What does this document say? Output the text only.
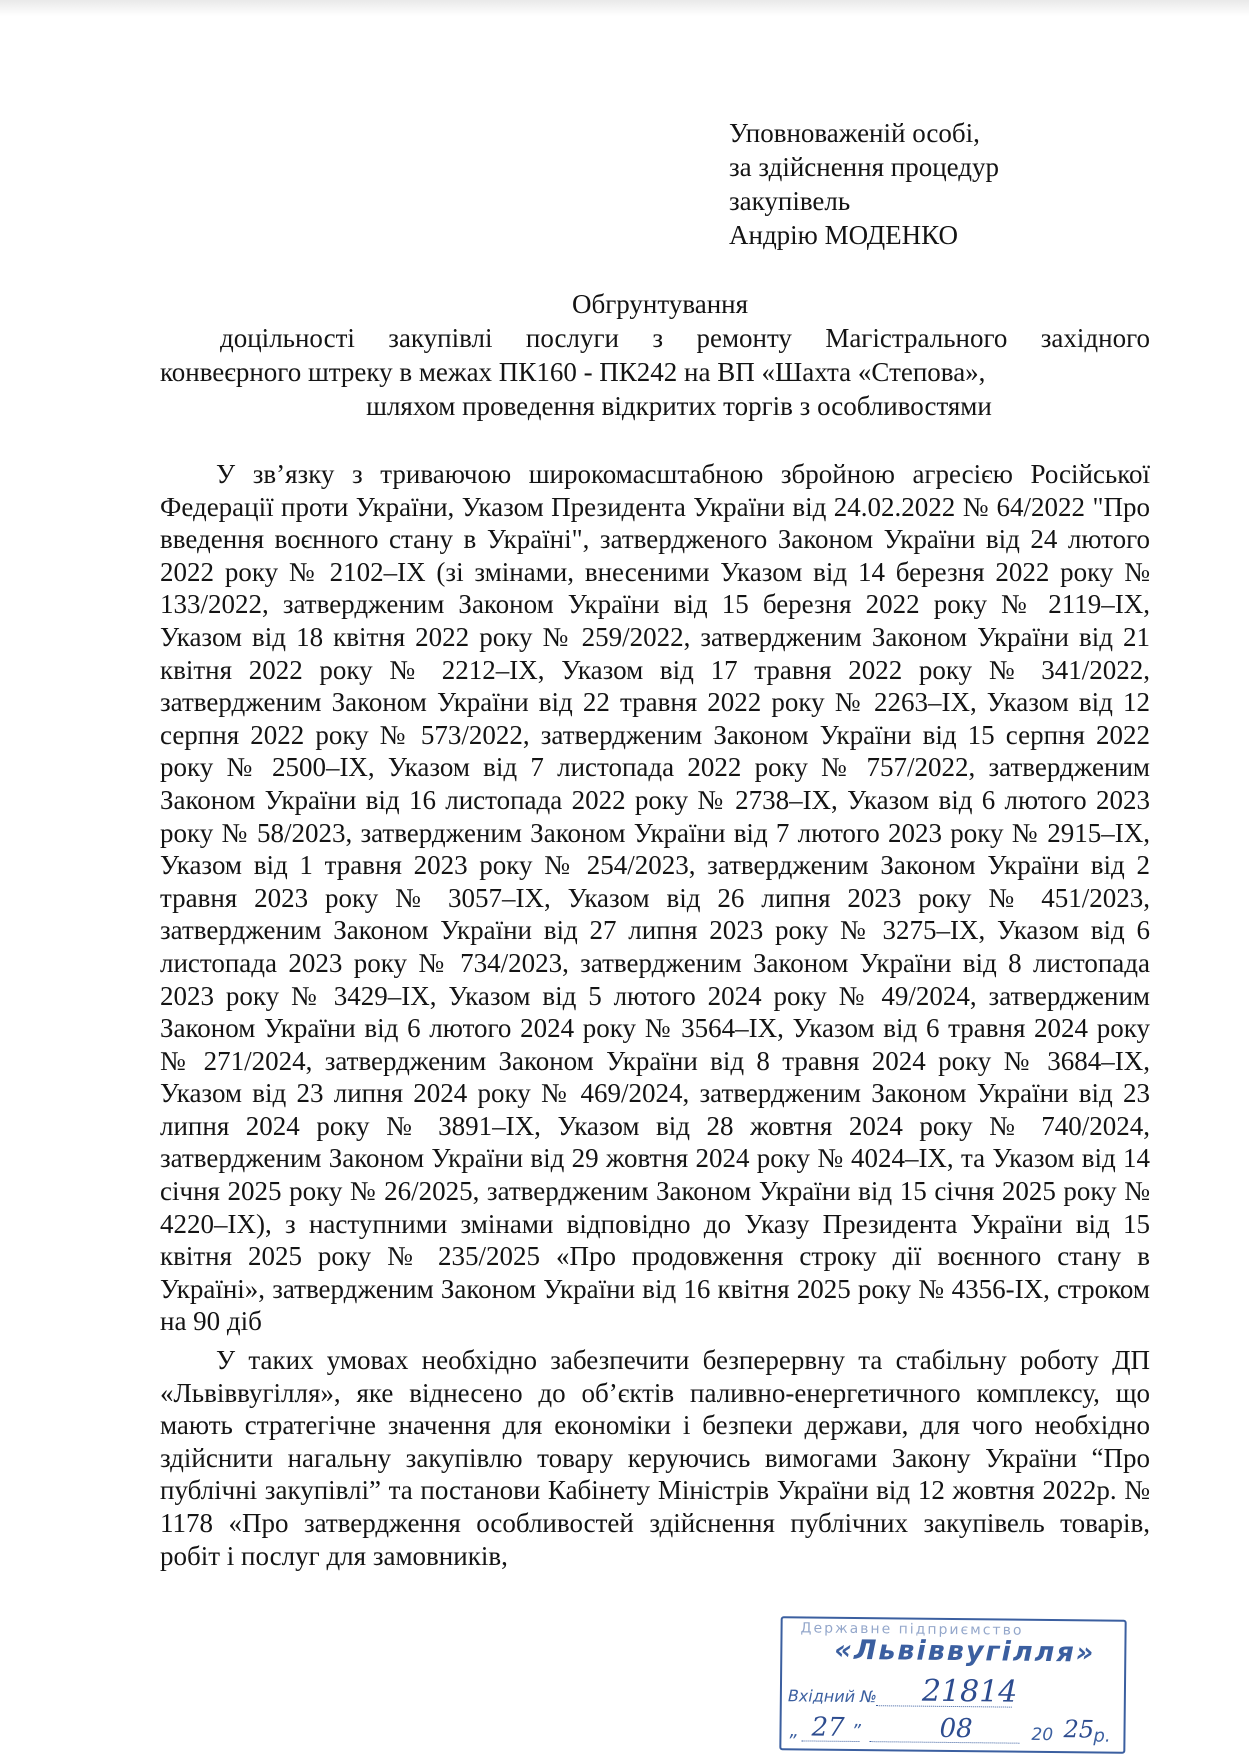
Уповноваженій особі,
за здійснення процедур
закупівель
Андрію МОДЕНКО
Обгрунтування
доцільності закупівлі послуги з ремонту Магістрального західного
конвеєрного штреку в межах ПК160 - ПК242 на ВП «Шахта «Степова»,
шляхом проведення відкритих торгів з особливостями

У зв’язку з триваючою широкомасштабною збройною агресією Російської Федерації проти України, Указом Президента України від 24.02.2022 № 64/2022 "Про введення воєнного стану в Україні", затвердженого Законом України від 24 лютого 2022 року № 2102–IX (зі змінами, внесеними Указом від 14 березня 2022 року № 133/2022, затвердженим Законом України від 15 березня 2022 року № 2119–IX, Указом від 18 квітня 2022 року № 259/2022, затвердженим Законом України від 21 квітня 2022 року № 2212–IX, Указом від 17 травня 2022 року № 341/2022, затвердженим Законом України від 22 травня 2022 року № 2263–IX, Указом від 12 серпня 2022 року № 573/2022, затвердженим Законом України від 15 серпня 2022 року № 2500–IX, Указом від 7 листопада 2022 року № 757/2022, затвердженим Законом України від 16 листопада 2022 року № 2738–IX, Указом від 6 лютого 2023 року № 58/2023, затвердженим Законом України від 7 лютого 2023 року № 2915–IX, Указом від 1 травня 2023 року № 254/2023, затвердженим Законом України від 2 травня 2023 року № 3057–IX, Указом від 26 липня 2023 року № 451/2023, затвердженим Законом України від 27 липня 2023 року № 3275–IX, Указом від 6 листопада 2023 року № 734/2023, затвердженим Законом України від 8 листопада 2023 року № 3429–IX, Указом від 5 лютого 2024 року № 49/2024, затвердженим Законом України від 6 лютого 2024 року № 3564–IX, Указом від 6 травня 2024 року № 271/2024, затвердженим Законом України від 8 травня 2024 року № 3684–IX, Указом від 23 липня 2024 року № 469/2024, затвердженим Законом України від 23 липня 2024 року № 3891–IX, Указом від 28 жовтня 2024 року № 740/2024, затвердженим Законом України від 29 жовтня 2024 року № 4024–IX, та Указом від 14 січня 2025 року № 26/2025, затвердженим Законом України від 15 січня 2025 року № 4220–IX), з наступними змінами відповідно до Указу Президента України від 15 квітня 2025 року № 235/2025 «Про продовження строку дії воєнного стану в Україні», затвердженим Законом України від 16 квітня 2025 року № 4356-IX, строком на 90 діб

У таких умовах необхідно забезпечити безперервну та стабільну роботу ДП «Львіввугілля», яке віднесено до об’єктів паливно-енергетичного комплексу, що мають стратегічне значення для економіки і безпеки держави, для чого необхідно здійснити нагальну закупівлю товару керуючись вимогами Закону України “Про публічні закупівлі” та постанови Кабінету Міністрів України від 12 жовтня 2022р. № 1178 «Про затвердження особливостей здійснення публічних закупівель товарів, робіт і послуг для замовників,

Державне підприємство
«Львіввугілля»
Вхідний № 21814
„ 27 ”	08	20 25 р.
